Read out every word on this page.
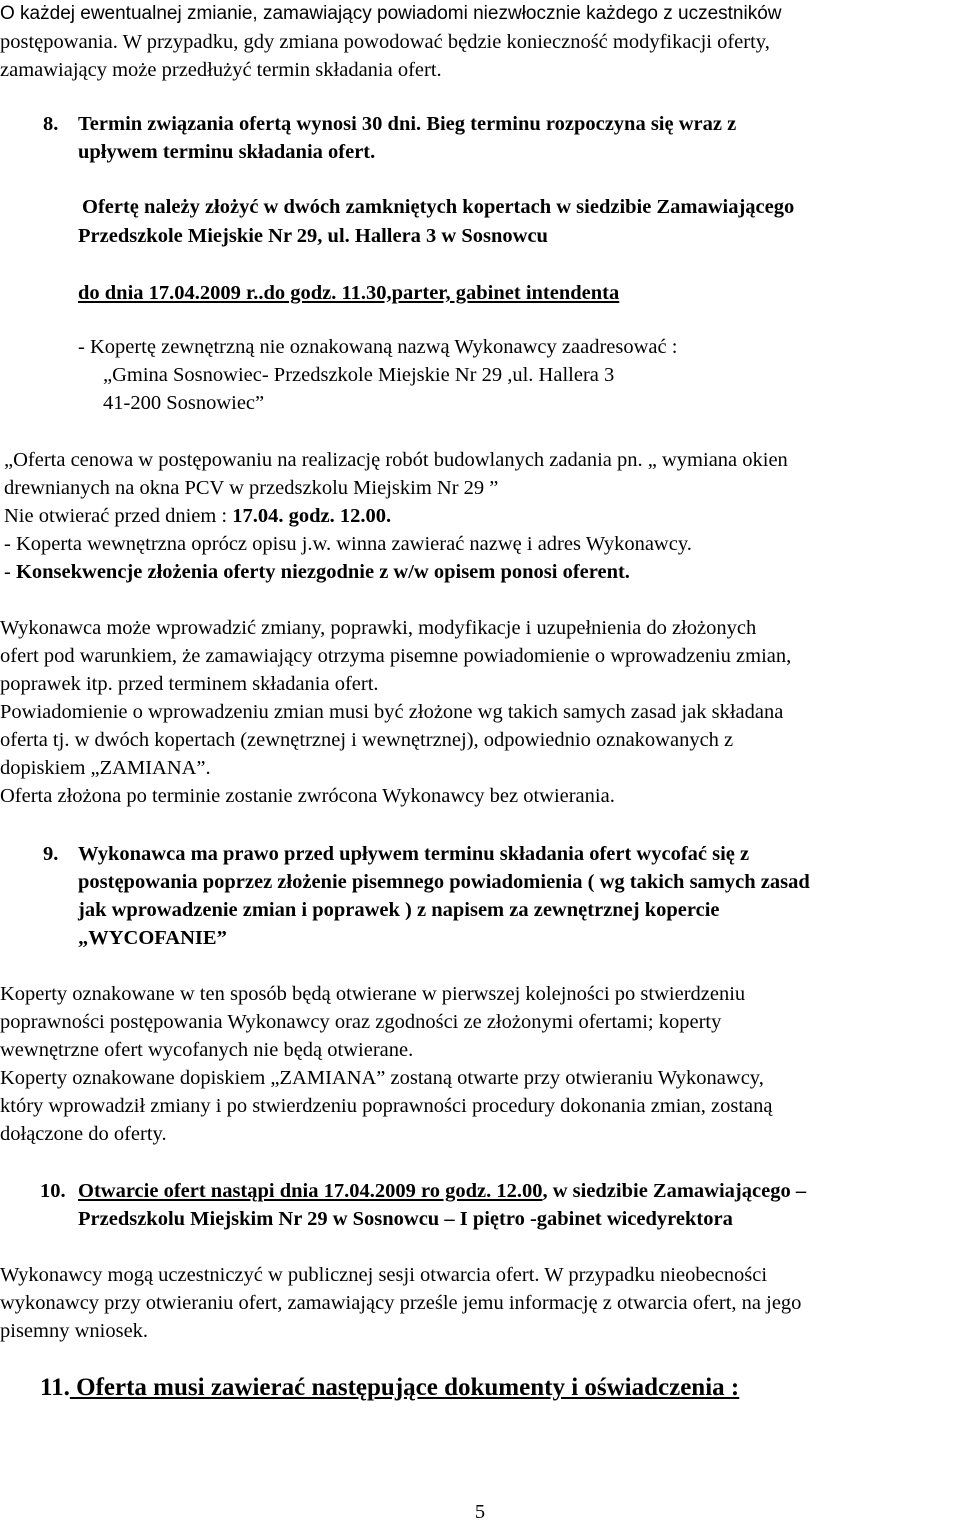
O każdej ewentualnej zmianie, zamawiający powiadomi niezwłocznie każdego z uczestników

postępowania. W przypadku, gdy zmiana powodować będzie konieczność modyfikacji oferty,

zamawiający może przedłużyć termin składania ofert.

8. Termin związania ofertą wynosi 30 dni. Bieg terminu rozpoczyna się wraz z

upływem terminu składania ofert.

Ofertę należy złożyć w dwóch zamkniętych kopertach w siedzibie Zamawiającego

Przedszkole Miejskie Nr 29, ul. Hallera 3 w Sosnowcu

do dnia 17.04.2009 r..do godz. 11.30,parter, gabinet intendenta

- Kopertę zewnętrzną nie oznakowaną nazwą Wykonawcy zaadresować :

„Gmina Sosnowiec- Przedszkole Miejskie Nr 29 ,ul. Hallera 3

41-200 Sosnowiec”

„Oferta cenowa w postępowaniu na realizację robót budowlanych zadania pn. „ wymiana okien

drewnianych na okna PCV w przedszkolu Miejskim Nr 29 ”

Nie otwierać przed dniem : 17.04. godz. 12.00.

- Koperta wewnętrzna oprócz opisu j.w. winna zawierać nazwę i adres Wykonawcy.

- Konsekwencje złożenia oferty niezgodnie z w/w opisem ponosi oferent.

Wykonawca może wprowadzić zmiany, poprawki, modyfikacje i uzupełnienia do złożonych

ofert pod warunkiem, że zamawiający otrzyma pisemne powiadomienie o wprowadzeniu zmian,

poprawek itp. przed terminem składania ofert.

Powiadomienie o wprowadzeniu zmian musi być złożone wg takich samych zasad jak składana

oferta tj. w dwóch kopertach (zewnętrznej i wewnętrznej), odpowiednio oznakowanych z

dopiskiem „ZAMIANA”.

Oferta złożona po terminie zostanie zwrócona Wykonawcy bez otwierania.

9. Wykonawca ma prawo przed upływem terminu składania ofert wycofać się z

postępowania poprzez złożenie pisemnego powiadomienia ( wg takich samych zasad

jak wprowadzenie zmian i poprawek ) z napisem za zewnętrznej kopercie

„WYCOFANIE”

Koperty oznakowane w ten sposób będą otwierane w pierwszej kolejności po stwierdzeniu

poprawności postępowania Wykonawcy oraz zgodności ze złożonymi ofertami; koperty

wewnętrzne ofert wycofanych nie będą otwierane.

Koperty oznakowane dopiskiem „ZAMIANA” zostaną otwarte przy otwieraniu Wykonawcy,

który wprowadził zmiany i po stwierdzeniu poprawności procedury dokonania zmian, zostaną

dołączone do oferty.

10. Otwarcie ofert nastąpi dnia 17.04.2009 ro godz. 12.00, w siedzibie Zamawiającego –

Przedszkolu Miejskim Nr 29 w Sosnowcu – I piętro -gabinet wicedyrektora

Wykonawcy mogą uczestniczyć w publicznej sesji otwarcia ofert. W przypadku nieobecności

wykonawcy przy otwieraniu ofert, zamawiający prześle jemu informację z otwarcia ofert, na jego

pisemny wniosek.

11. Oferta musi zawierać następujące dokumenty i oświadczenia :

5
